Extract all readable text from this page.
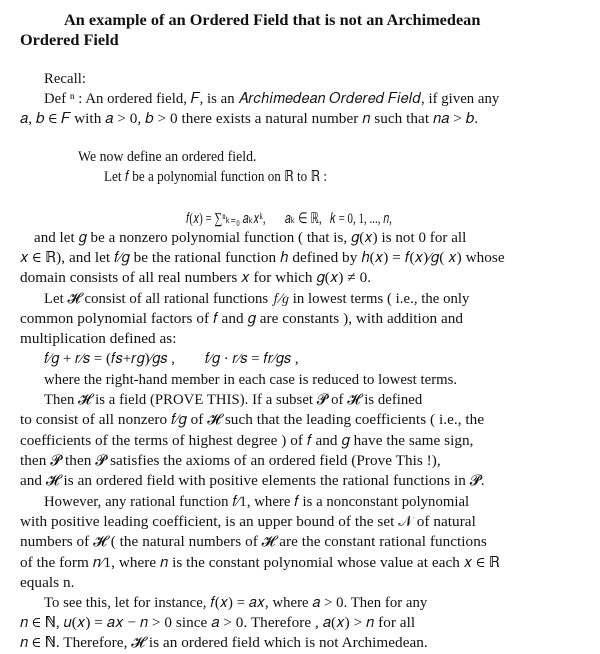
An example of an Ordered Field that is not an Archimedean
Ordered Field
Recall:
Def ⁿ : An ordered field, 𝐹, is an 𝐴𝑟𝑐ℎ𝑖𝑚𝑒𝑑𝑒𝑎𝑛 𝑂𝑟𝑑𝑒𝑟𝑒𝑑 𝐹𝑖𝑒𝑙𝑑, if given any
𝑎, 𝑏 ∈ 𝐹 with 𝑎 > 0, 𝑏 > 0 there exists a natural number 𝑛 such that 𝑛𝑎 > 𝑏.
We now define an ordered field.
Let 𝑓 be a polynomial function on ℝ to ℝ :
𝑓(𝑥) = ∑ⁿₖ₌₀ 𝑎ₖ𝑥ᵏ,       𝑎ₖ ∈ ℝ,   𝑘 = 0, 1, ..., 𝑛,
and let 𝑔 be a nonzero polynomial function ( that is, 𝑔(𝑥) is not 0 for all
𝑥 ∈ ℝ), and let 𝑓⁄𝑔 be the rational function ℎ defined by ℎ(𝑥) = 𝑓(𝑥)⁄𝑔( 𝑥) whose
domain consists of all real numbers 𝑥 for which 𝑔(𝑥) ≠ 0.
Let 𝓗 consist of all rational functions 𝑓⁄𝑔 in lowest terms ( i.e., the only
common polynomial factors of 𝑓 and 𝑔 are constants ), with addition and
multiplication defined as:
𝑓⁄𝑔 + 𝑟⁄𝑠 = (𝑓𝑠+𝑟𝑔)⁄𝑔𝑠 ,        𝑓⁄𝑔 · 𝑟⁄𝑠 = 𝑓𝑟⁄𝑔𝑠 ,
where the right-hand member in each case is reduced to lowest terms.
Then 𝓗 is a field (PROVE THIS). If a subset 𝓟 of 𝓗 is defined
to consist of all nonzero 𝑓⁄𝑔 of 𝓗 such that the leading coefficients ( i.e., the
coefficients of the terms of highest degree ) of 𝑓 and 𝑔 have the same sign,
then 𝓟 then 𝓟 satisfies the axioms of an ordered field (Prove This !),
and 𝓗 is an ordered field with positive elements the rational functions in 𝓟.
However, any rational function 𝑓⁄1, where 𝑓 is a nonconstant polynomial
with positive leading coefficient, is an upper bound of the set 𝒩 of natural
numbers of 𝓗 ( the natural numbers of 𝓗 are the constant rational functions
of the form 𝑛⁄1, where 𝑛 is the constant polynomial whose value at each 𝑥 ∈ ℝ
equals n.
To see this, let for instance, 𝑓(𝑥) = 𝑎𝑥, where 𝑎 > 0. Then for any
𝑛 ∈ ℕ, 𝑢(𝑥) = 𝑎𝑥 − 𝑛 > 0 since 𝑎 > 0. Therefore , 𝑎(𝑥) > 𝑛 for all
𝑛 ∈ ℕ. Therefore, 𝓗 is an ordered field which is not Archimedean.
